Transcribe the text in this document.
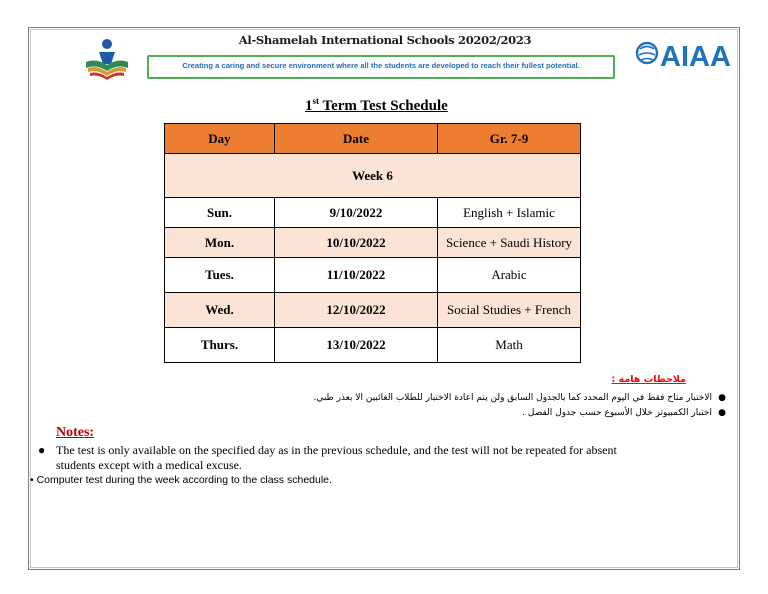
Al-Shamelah International Schools 20202/2023
Creating a caring and secure environment where all the students are developed to reach their fullest potential.	AIAA
1st Term Test Schedule
Day	Date	Gr. 7-9
Week 6		
Sun.	9/10/2022	English + Islamic
Mon.	10/10/2022	Science + Saudi History
Tues.	11/10/2022	Arabic
Wed.	12/10/2022	Social Studies + French
Thurs.	13/10/2022	Math
ملاحظات هامة :
●
الاختبار متاح فقط في اليوم المحدد كما بالجدول السابق ولن يتم اعادة الاختبار للطلاب الغائبين الا بعذر طبي.
●
اختبار الكمبيوتر خلال الأسبوع حسب جدول الفصل .
Notes:
● The test is only available on the specified day as in the previous schedule, and the test will not be repeated for absent students except with a medical excuse.
• Computer test during the week according to the class schedule.
